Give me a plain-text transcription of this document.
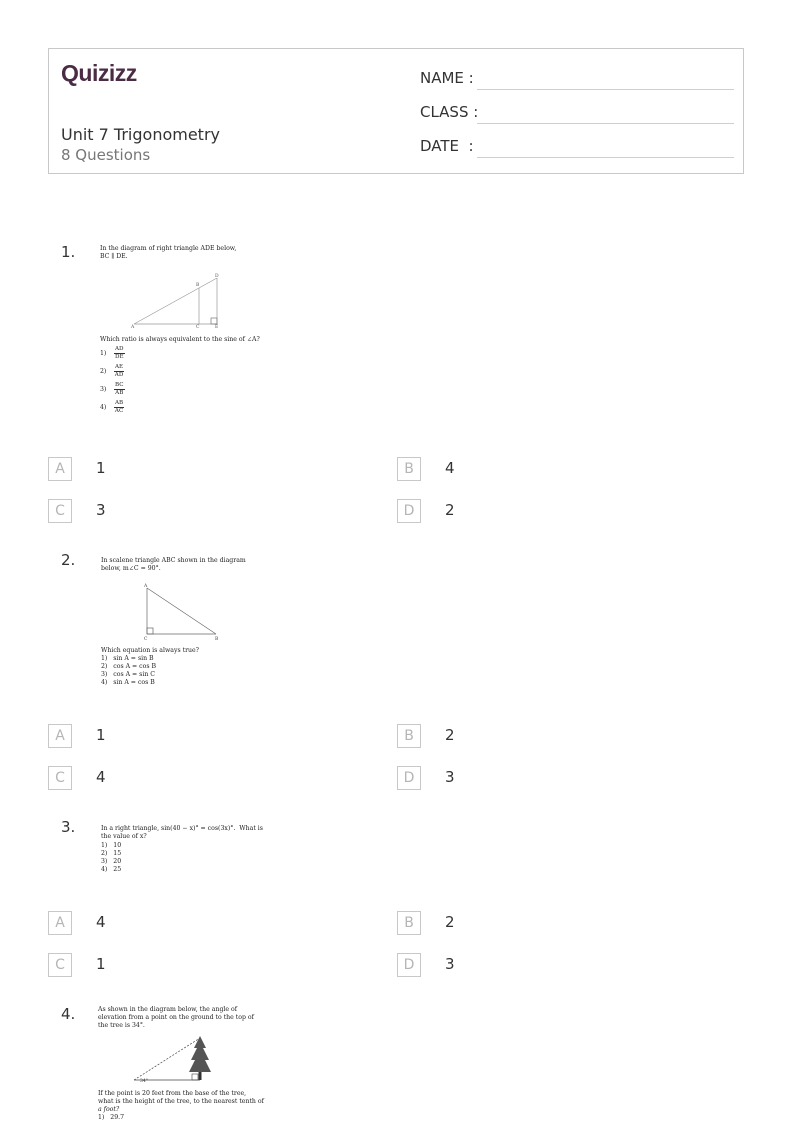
Quizizz
Unit 7 Trigonometry
8 Questions
NAME :
CLASS :
DATE  :
1.	In the diagram of right triangle ADE below,
BC ∥ DE.
A
B
C
D
E
Which ratio is always equivalent to the sine of ∠A?
$1) \frac{AD}{DE}$
$2) \frac{AE}{AD}$
$3) \frac{BC}{AB}$
$4) \frac{AB}{AC}$
A	1	B	4
C	3	D	2
2.	In scalene triangle ABC shown in the diagram
below, m∠C = 90°.
A
C	B
Which equation is always true?
1)   sin A = sin B
2)   cos A = cos B
3)   cos A = sin C
4)   sin A = cos B
A	1	B	2
C	4	D	3
3.	In a right triangle, sin(40 − x)° = cos(3x)°.  What is
the value of x?
1)   10
2)   15
3)   20
4)   25
A	4	B	2
C	1	D	3
4.	As shown in the diagram below, the angle of
elevation from a point on the ground to the top of
the tree is 34°.
34°
If the point is 20 feet from the base of the tree,
what is the height of the tree, to the nearest tenth of
a foot?
1)   29.7
